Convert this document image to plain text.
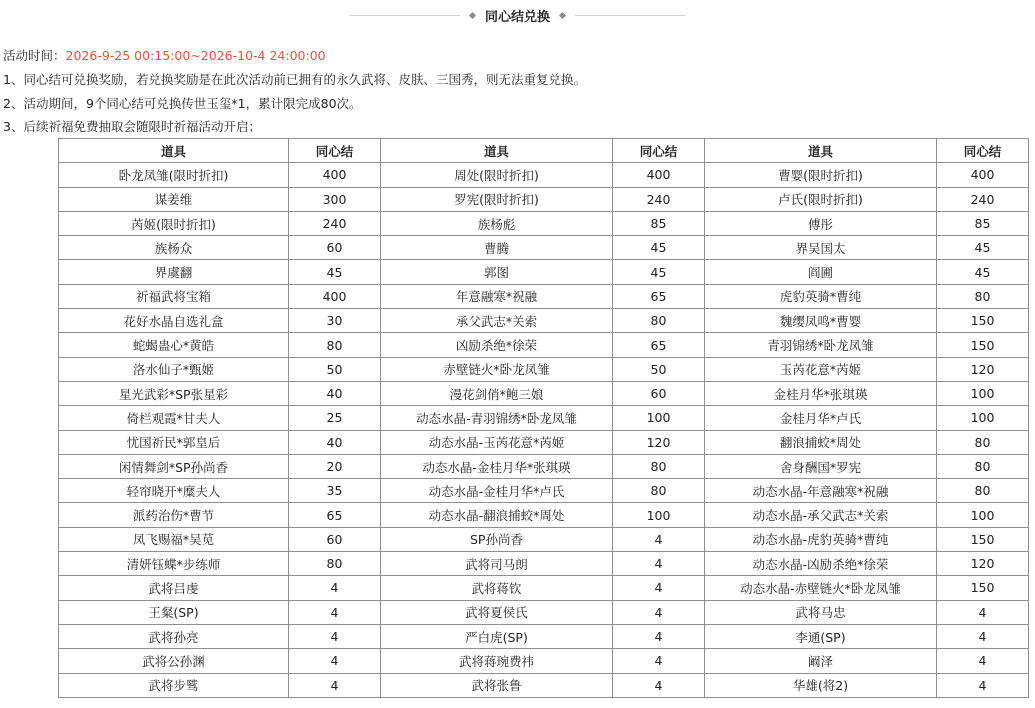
同心结兑换
活动时间：2026-9-25 00:15:00~2026-10-4 24:00:00
1、同心结可兑换奖励，若兑换奖励是在此次活动前已拥有的永久武将、皮肤、三国秀，则无法重复兑换。
2、活动期间，9个同心结可兑换传世玉玺*1，累计限完成80次。
3、后续祈福免费抽取会随限时祈福活动开启；
道具	同心结	道具	同心结	道具	同心结
卧龙凤雏(限时折扣)	400	周处(限时折扣)	400	曹婴(限时折扣)	400
谋姜维	300	罗宪(限时折扣)	240	卢氏(限时折扣)	240
芮姬(限时折扣)	240	族杨彪	85	傅彤	85
族杨众	60	曹腾	45	界吴国太	45
界虞翻	45	郭图	45	阎圃	45
祈福武将宝箱	400	年意融寒*祝融	65	虎豹英骑*曹纯	80
花好水晶自选礼盒	30	承父武志*关索	80	魏缨凤鸣*曹婴	150
蛇蝎蛊心*黄皓	80	凶励杀绝*徐荣	65	青羽锦绣*卧龙凤雏	150
洛水仙子*甄姬	50	赤壁链火*卧龙凤雏	50	玉芮花意*芮姬	120
星光武彩*SP张星彩	40	漫花剑俏*鲍三娘	60	金桂月华*张琪瑛	100
倚栏观霞*甘夫人	25	动态水晶-青羽锦绣*卧龙凤雏	100	金桂月华*卢氏	100
忧国祈民*郭皇后	40	动态水晶-玉芮花意*芮姬	120	翻浪捕蛟*周处	80
闲情舞剑*SP孙尚香	20	动态水晶-金桂月华*张琪瑛	80	舍身酬国*罗宪	80
轻帘晓开*糜夫人	35	动态水晶-金桂月华*卢氏	80	动态水晶-年意融寒*祝融	80
派药治伤*曹节	65	动态水晶-翻浪捕蛟*周处	100	动态水晶-承父武志*关索	100
凤飞赐福*吴苋	60	SP孙尚香	4	动态水晶-虎豹英骑*曹纯	150
清妍钰蝶*步练师	80	武将司马朗	4	动态水晶-凶励杀绝*徐荣	120
武将吕虔	4	武将蒋钦	4	动态水晶-赤壁链火*卧龙凤雏	150
王粲(SP)	4	武将夏侯氏	4	武将马忠	4
武将孙亮	4	严白虎(SP)	4	李通(SP)	4
武将公孙渊	4	武将蒋琬费祎	4	阚泽	4
武将步骘	4	武将张鲁	4	华雄(将2)	4
